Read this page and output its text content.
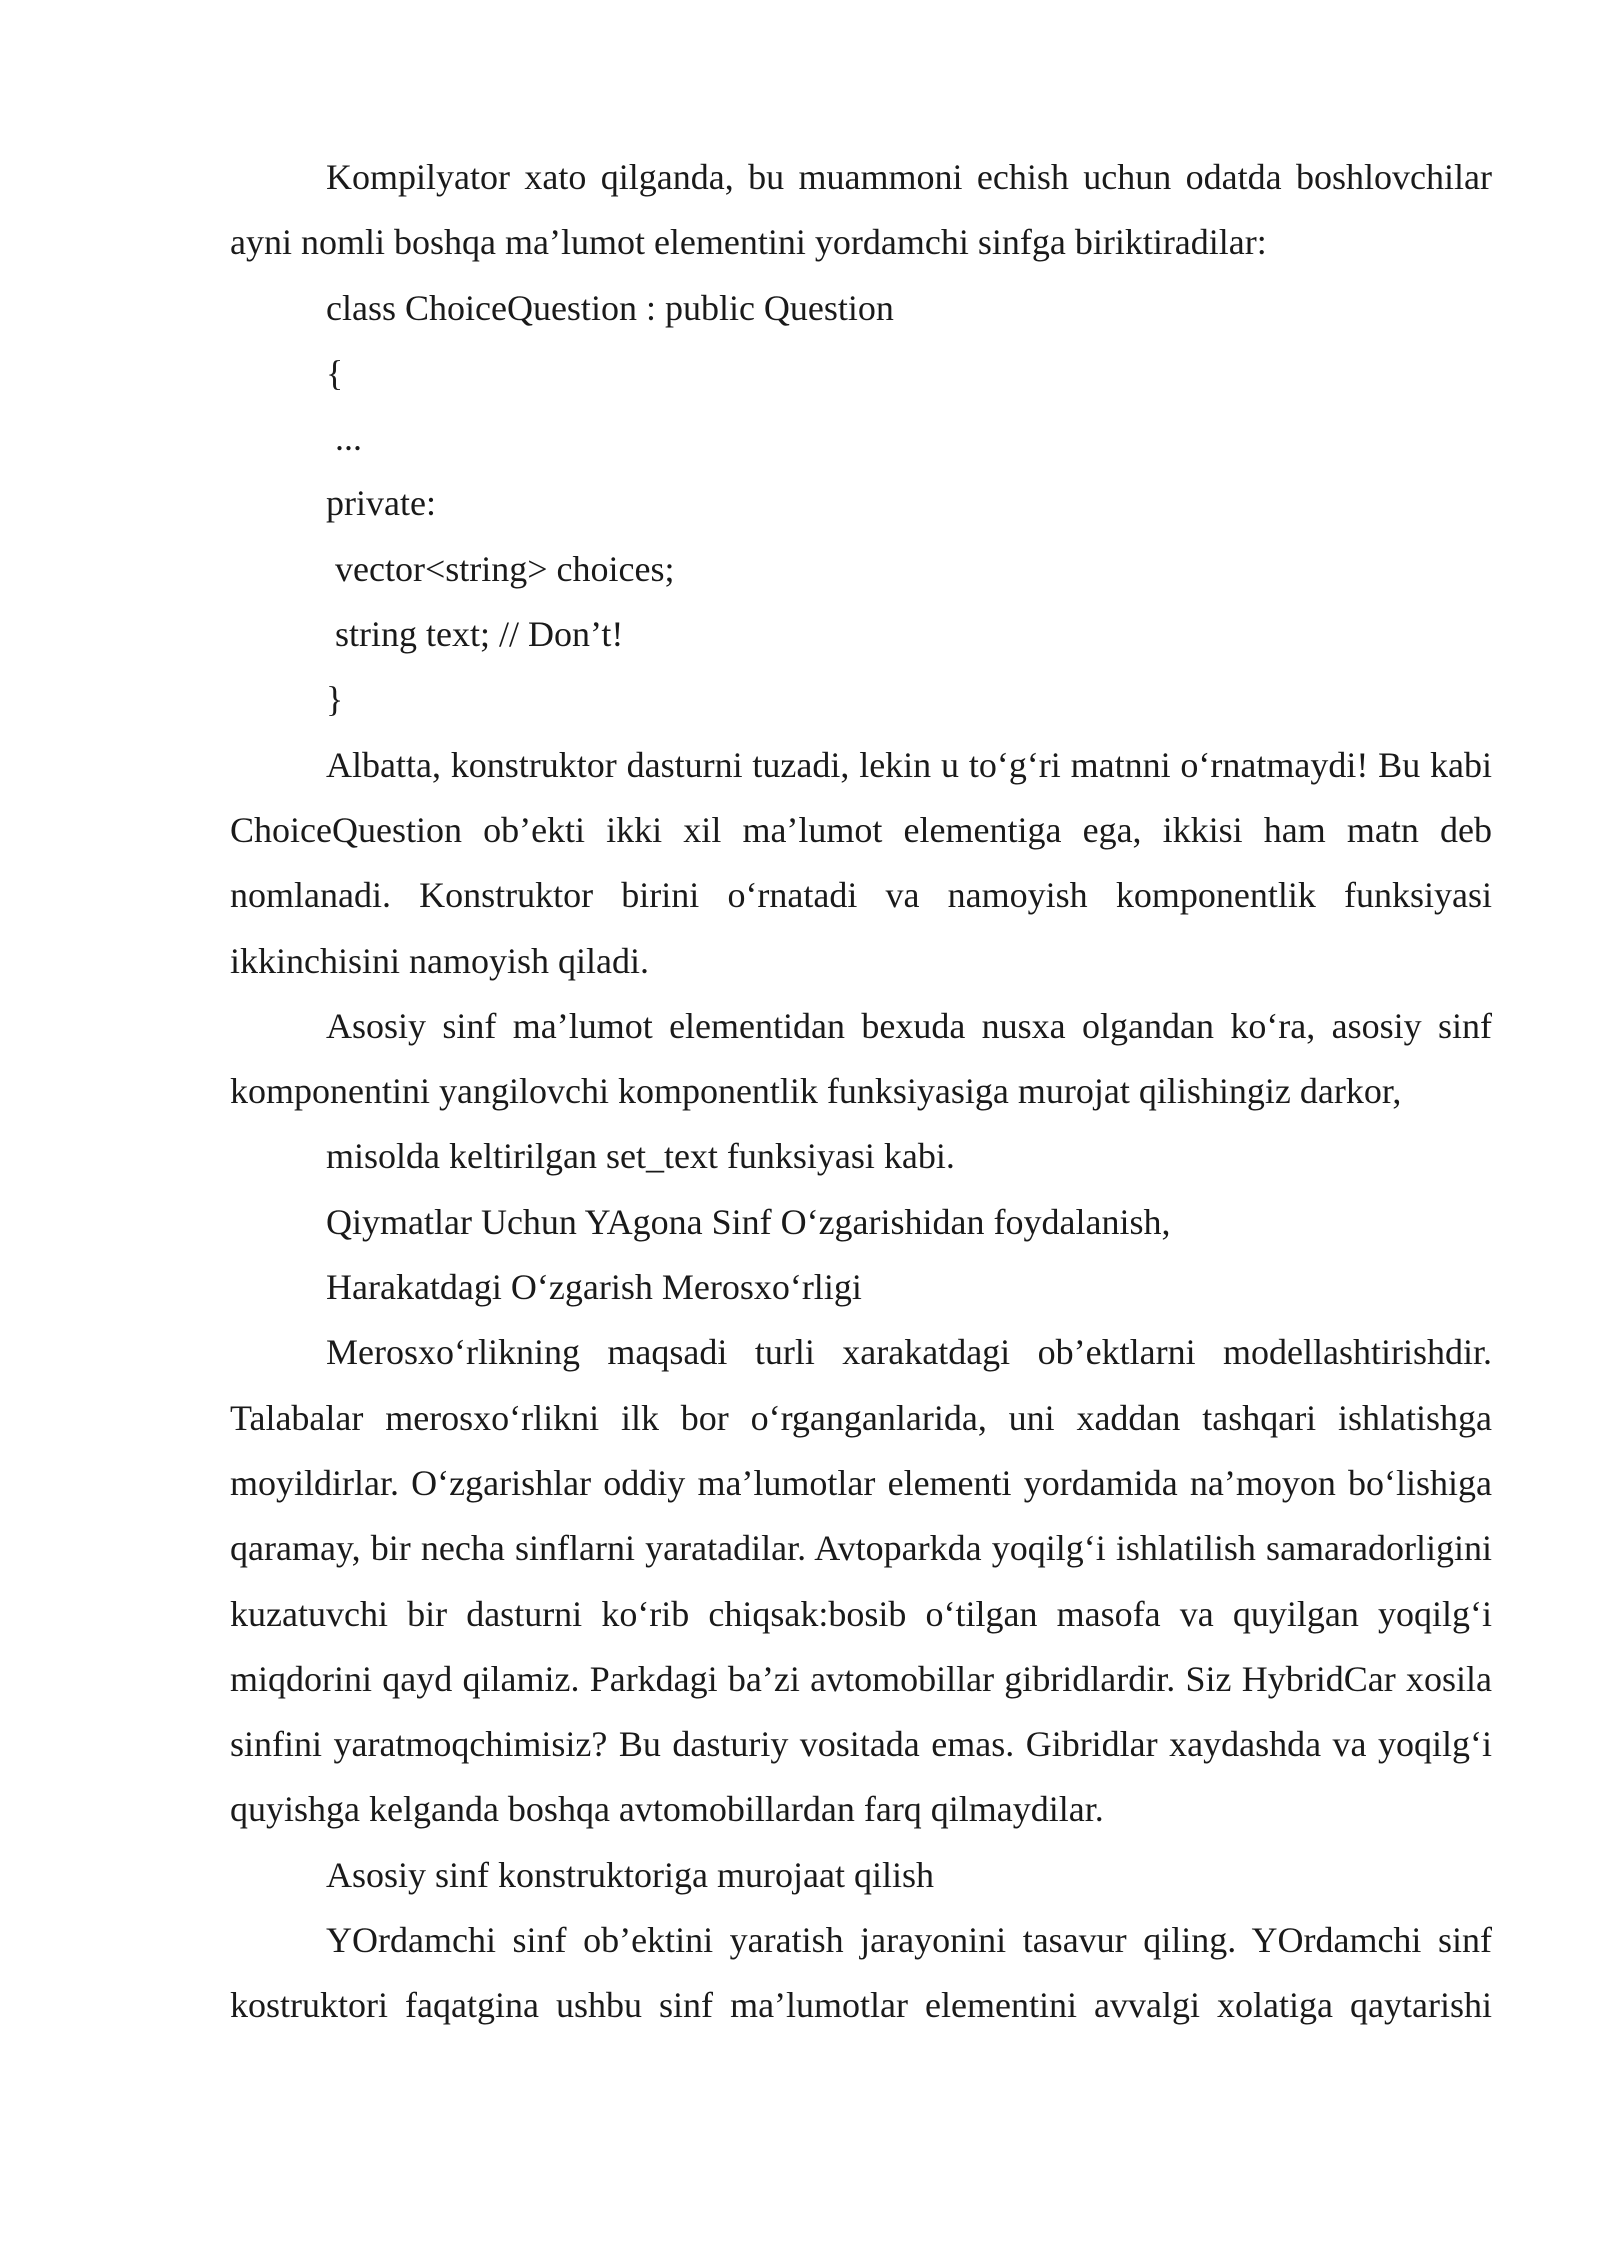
Kompilyator xato qilganda, bu muammoni echish uchun odatda boshlovchilar ayni nomli boshqa ma’lumot elementini yordamchi sinfga biriktiradilar:

class ChoiceQuestion : public Question

{

...

private:

vector<string> choices;

string text; // Don’t!

}

Albatta, konstruktor dasturni tuzadi, lekin u to‘g‘ri matnni o‘rnatmaydi! Bu kabi ChoiceQuestion ob’ekti ikki xil ma’lumot elementiga ega, ikkisi ham matn deb nomlanadi. Konstruktor birini o‘rnatadi va namoyish komponentlik funksiyasi ikkinchisini namoyish qiladi.

Asosiy sinf ma’lumot elementidan bexuda nusxa olgandan ko‘ra, asosiy sinf komponentini yangilovchi komponentlik funksiyasiga murojat qilishingiz darkor,

misolda keltirilgan set_text funksiyasi kabi.

Qiymatlar Uchun YAgona Sinf O‘zgarishidan foydalanish,

Harakatdagi O‘zgarish Merosxo‘rligi

Merosxo‘rlikning maqsadi turli xarakatdagi ob’ektlarni modellashtirishdir. Talabalar merosxo‘rlikni ilk bor o‘rganganlarida, uni xaddan tashqari ishlatishga moyildirlar. O‘zgarishlar oddiy ma’lumotlar elementi yordamida na’moyon bo‘lishiga qaramay, bir necha sinflarni yaratadilar. Avtoparkda yoqilg‘i ishlatilish samaradorligini kuzatuvchi bir dasturni ko‘rib chiqsak:bosib o‘tilgan masofa va quyilgan yoqilg‘i miqdorini qayd qilamiz. Parkdagi ba’zi avtomobillar gibridlardir. Siz HybridCar xosila sinfini yaratmoqchimisiz? Bu dasturiy vositada emas. Gibridlar xaydashda va yoqilg‘i quyishga kelganda boshqa avtomobillardan farq qilmaydilar.

Asosiy sinf konstruktoriga murojaat qilish

YOrdamchi sinf ob’ektini yaratish jarayonini tasavur qiling. YOrdamchi sinf kostruktori faqatgina ushbu sinf ma’lumotlar elementini avvalgi xolatiga qaytarishi
